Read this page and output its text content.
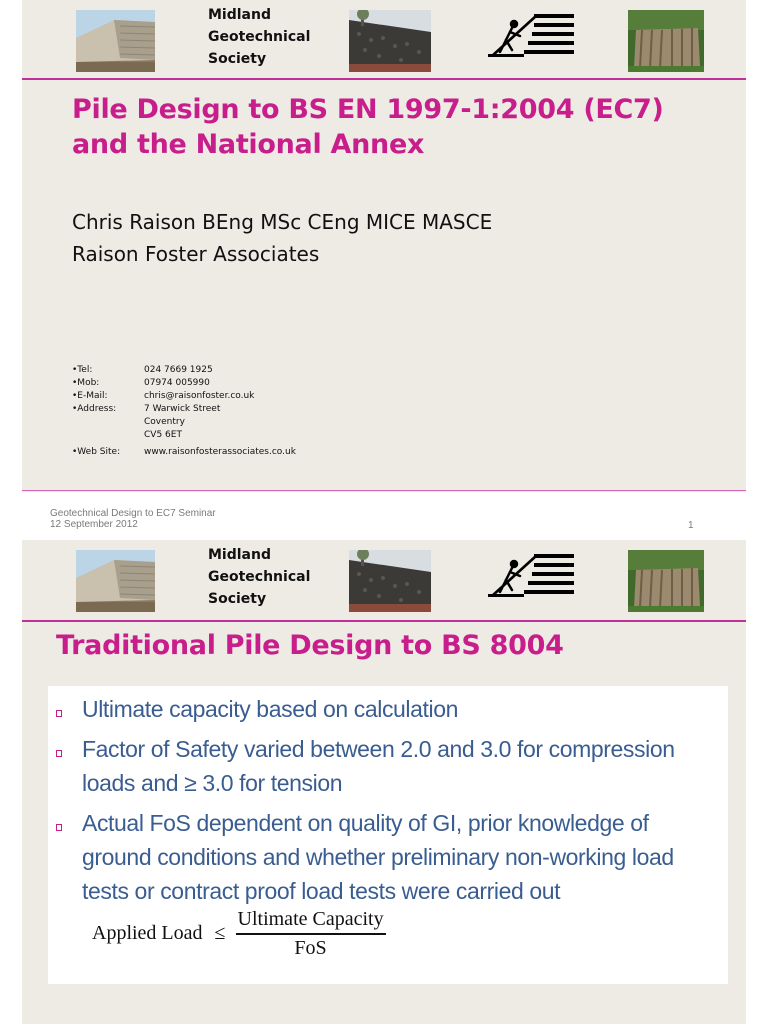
Midland
Geotechnical
Society
Pile Design to BS EN 1997-1:2004 (EC7)
and the National Annex
Chris Raison BEng MSc CEng MICE MASCE
Raison Foster Associates
•Tel:	024 7669 1925
•Mob:	07974 005990
•E-Mail:	chris@raisonfoster.co.uk
•Address:	7 Warwick Street
Coventry
CV5 6ET
•Web Site:	www.raisonfosterassociates.co.uk
Geotechnical Design to EC7 Seminar
12 September 2012	1
Midland
Geotechnical
Society
Traditional Pile Design to BS 8004
Ultimate capacity based on calculation
Factor of Safety varied between 2.0 and 3.0 for compression loads and ≥ 3.0 for tension
Actual FoS dependent on quality of GI, prior knowledge of ground conditions and whether preliminary non-working load tests or contract proof load tests were carried out
Applied Load ≤ $\frac{\text{Ultimate Capacity}}{\text{FoS}}$
